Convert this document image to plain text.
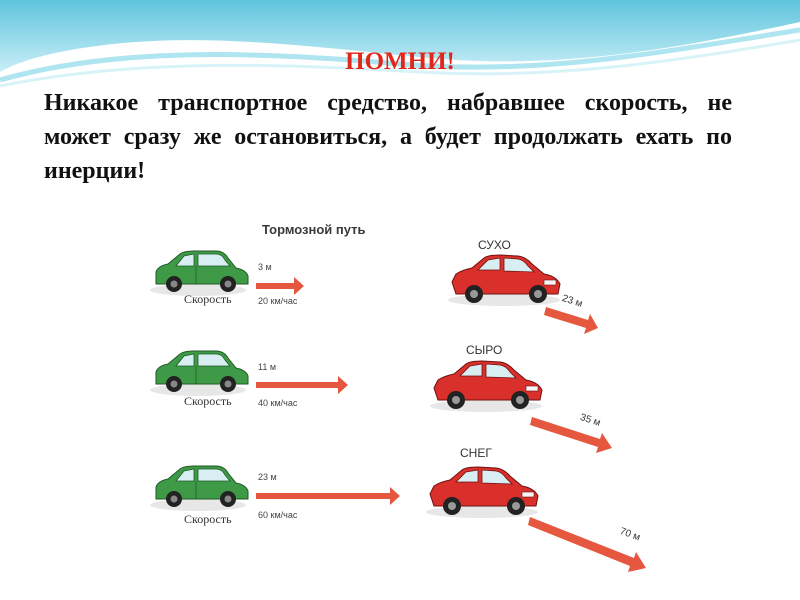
ПОМНИ!
Никакое транспортное средство, набравшее скорость, не может сразу же остановиться, а будет продолжать ехать по инерции!
Тормозной путь
Скорость
3 м
20 км/час
СУХО
23 м
Скорость
11 м
40 км/час
СЫРО
35 м
Скорость
23 м
60 км/час
СНЕГ
70 м
